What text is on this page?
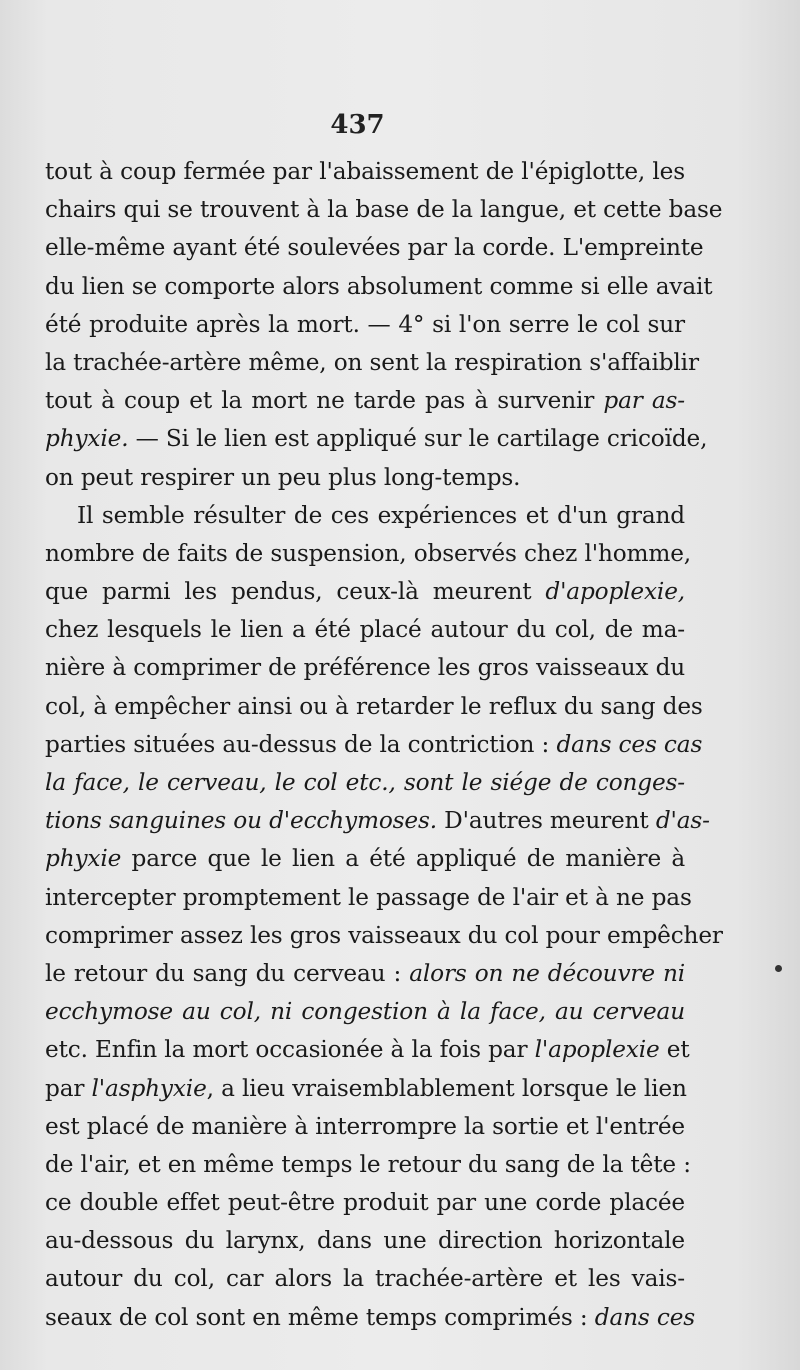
437
tout à coup fermée par l'abaissement de l'épiglotte, les
chairs qui se trouvent à la base de la langue, et cette base
elle-même ayant été soulevées par la corde. L'empreinte
du lien se comporte alors absolument comme si elle avait
été produite après la mort. — 4° si l'on serre le col sur
la trachée-artère même, on sent la respiration s'affaiblir
tout à coup et la mort ne tarde pas à survenir par as-
phyxie. — Si le lien est appliqué sur le cartilage cricoïde,
on peut respirer un peu plus long-temps.
Il semble résulter de ces expériences et d'un grand
nombre de faits de suspension, observés chez l'homme,
que parmi les pendus, ceux-là meurent d'apoplexie,
chez lesquels le lien a été placé autour du col, de ma-
nière à comprimer de préférence les gros vaisseaux du
col, à empêcher ainsi ou à retarder le reflux du sang des
parties situées au-dessus de la contriction : dans ces cas
la face, le cerveau, le col etc., sont le siége de conges-
tions sanguines ou d'ecchymoses. D'autres meurent d'as-
phyxie parce que le lien a été appliqué de manière à
intercepter promptement le passage de l'air et à ne pas
comprimer assez les gros vaisseaux du col pour empêcher
le retour du sang du cerveau : alors on ne découvre ni
ecchymose au col, ni congestion à la face, au cerveau
etc. Enfin la mort occasionée à la fois par l'apoplexie et
par l'asphyxie, a lieu vraisemblablement lorsque le lien
est placé de manière à interrompre la sortie et l'entrée
de l'air, et en même temps le retour du sang de la tête :
ce double effet peut-être produit par une corde placée
au-dessous du larynx, dans une direction horizontale
autour du col, car alors la trachée-artère et les vais-
seaux de col sont en même temps comprimés : dans ces
